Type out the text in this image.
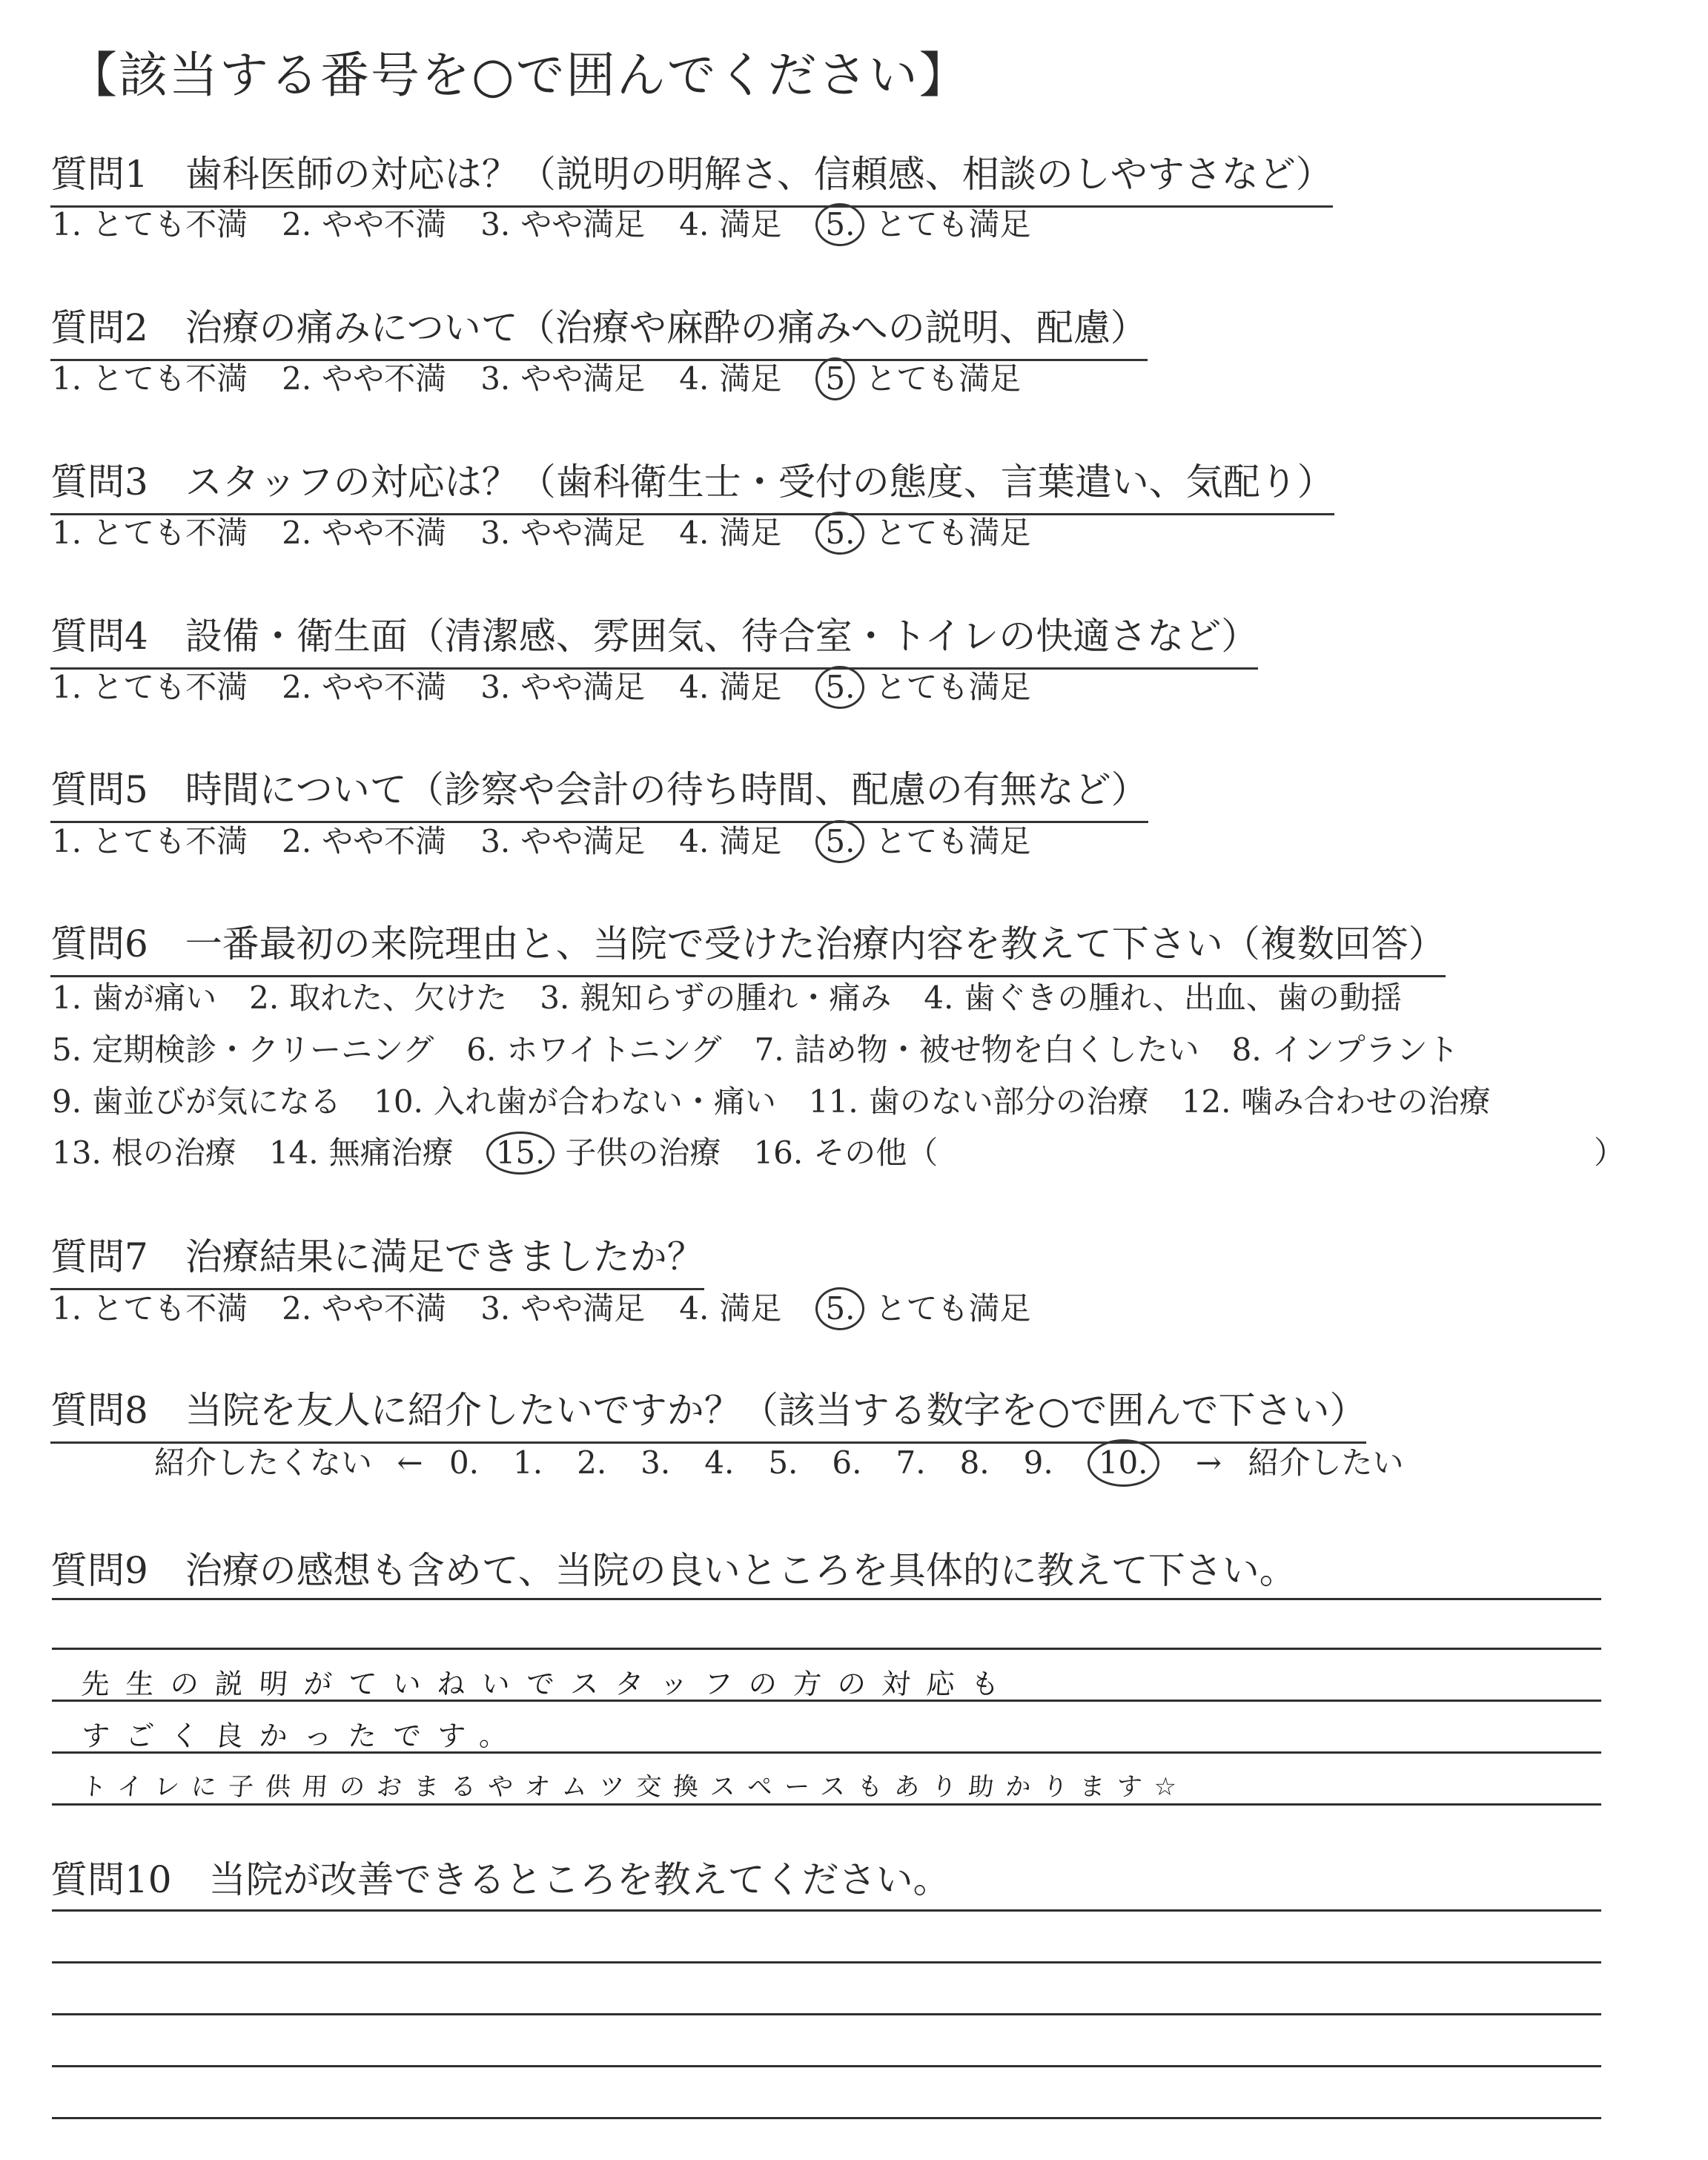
【該当する番号を○で囲んでください】
質問1　歯科医師の対応は？（説明の明解さ、信頼感、相談のしやすさなど）
1. とても不満 2. やや不満 3. やや満足 4. 満足 5. とても満足
質問2　治療の痛みについて（治療や麻酔の痛みへの説明、配慮）
1. とても不満 2. やや不満 3. やや満足 4. 満足 5 とても満足
質問3　スタッフの対応は？（歯科衛生士・受付の態度、言葉遣い、気配り）
1. とても不満 2. やや不満 3. やや満足 4. 満足 5. とても満足
質問4　設備・衛生面（清潔感、雰囲気、待合室・トイレの快適さなど）
1. とても不満 2. やや不満 3. やや満足 4. 満足 5. とても満足
質問5　時間について（診察や会計の待ち時間、配慮の有無など）
1. とても不満 2. やや不満 3. やや満足 4. 満足 5. とても満足
質問6　一番最初の来院理由と、当院で受けた治療内容を教えて下さい（複数回答）
1. 歯が痛い 2. 取れた、欠けた 3. 親知らずの腫れ・痛み 4. 歯ぐきの腫れ、出血、歯の動揺
5. 定期検診・クリーニング 6. ホワイトニング 7. 詰め物・被せ物を白くしたい 8. インプラント
9. 歯並びが気になる 10. 入れ歯が合わない・痛い 11. 歯のない部分の治療 12. 噛み合わせの治療
13. 根の治療 14. 無痛治療 15. 子供の治療 16. その他（	）
質問7　治療結果に満足できましたか？
1. とても不満 2. やや不満 3. やや満足 4. 満足 5. とても満足
質問8　当院を友人に紹介したいですか？（該当する数字を○で囲んで下さい）
紹介したくない ← 0. 1. 2. 3. 4. 5. 6. 7. 8. 9. 10. → 紹介したい
質問9　治療の感想も含めて、当院の良いところを具体的に教えて下さい。
先生の説明がていねいでスタッフの方の対応も
すごく良かったです。
トイレに子供用のおまるやオムツ交換スペースもあり助かります☆
質問10　当院が改善できるところを教えてください。
